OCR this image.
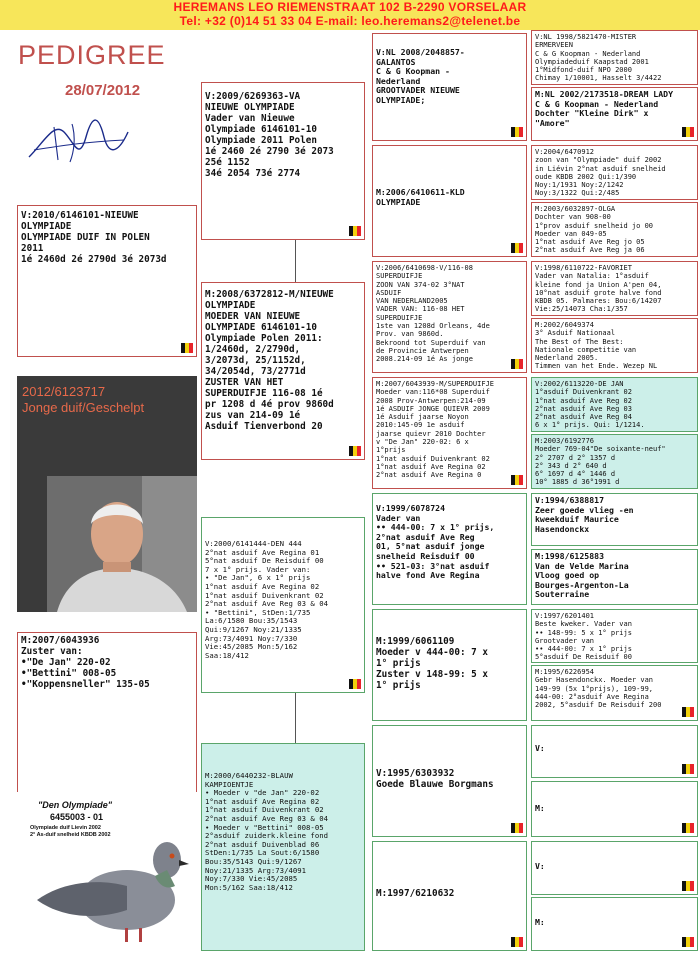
HEREMANS LEO RIEMENSTRAAT 102 B-2290 VORSELAAR
Tel: +32 (0)14 51 33 04 E-mail: leo.heremans2@telenet.be
PEDIGREE
28/07/2012
V:2010/6146101-NIEUWE
OLYMPIADE
OLYMPIADE DUIF IN POLEN
2011
1é 2460d 2é 2790d 3é 2073d
2012/6123717
Jonge duif/Geschelpt
M:2007/6043936
Zuster van:
• "De Jan" 220-02
• "Bettini" 008-05
• "Koppensneller" 135-05
"Den Olympiade"
6455003 - 01
Olympiade duif Lievin 2002
2° As-duif snelheid KBDB 2002
V:2009/6269363-VA
NIEUWE OLYMPIADE
Vader van Nieuwe
Olympiade 6146101-10
Olympiade 2011 Polen
1é 2460 2é 2790 3é 2073
25é 1152
34é 2054 73é 2774
M:2008/6372812-M/NIEUWE
OLYMPIADE
MOEDER VAN NIEUWE
OLYMPIADE 6146101-10
Olympiade Polen 2011:
1/2460d, 2/2790d,
3/2073d, 25/1152d,
34/2054d, 73/2771d
ZUSTER VAN HET
SUPERDUIFJE 116-08 1é
pr 1208 d 4é prov 9860d
zus van 214-09 1é
Asduif Tienverbond 20
V:2000/6141444-DEN 444
2°nat asduif Ave Regina 01
5°nat asduif De Reisduif 00
7 x 1° prijs. Vader van:
• "De Jan", 6 x 1° prijs
1°nat asduif Ave Regina 02
1°nat asduif Duivenkrant 02
2°nat asduif Ave Reg 03 & 04
• "Bettini", StDen:1/735
La:6/1580 Bou:35/1543
Qui:9/1267 Noy:21/1335
Arg:73/4091 Noy:7/330
Vie:45/2085 Mon:5/162
Saa:18/412
M:2000/6440232-BLAUW
KAMPIOENTJE
• Moeder v "de Jan" 220-02
1°nat asduif Ave Regina 02
1°nat asduif Duivenkrant 02
2°nat asduif Ave Reg 03 & 04
• Moeder v "Bettini" 008-05
2°asduif zuiderk.kleine fond
2°nat asduif Duivenblad 06
StDen:1/735 La Sout:6/1580
Bou:35/5143 Qui:9/1267
Noy:21/1335 Arg:73/4091
Noy:7/330 Vie:45/2085
Mon:5/162 Saa:18/412
V:NL 2008/2048857-
GALANTOS
C & G Koopman -
Nederland
GROOTVADER NIEUWE
OLYMPIADE;
M:2006/6410611-KLD
OLYMPIADE
V:2006/6410698-V/116-08
SUPERDUIFJE
ZOON VAN 374-02 3°NAT
ASDUIF
VAN NEDERLAND2005
VADER VAN: 116-08 HET
SUPERDUIFJE
1ste van 1208d Orleans, 4de
Prov. van 9860d.
Bekroond tot Superduif van
de Provincie Antwerpen
2008.214-09 1é As jonge
M:2007/6043939-M/SUPERDUIFJE
Moeder van:116*08 Superduif
2008 Prov-Antwerpen:214-09
1é ASDUIF JONGE QUIEVR 2009
1é Asduif jaarse Noyon
2010:145-09 1e asduif
jaarse quievr 2010 Dochter
v "De Jan" 220-02: 6 x
1°prijs
1°nat asduif Duivenkrant 02
1°nat asduif Ave Regina 02
2°nat asduif Ave Regina 0
V:1999/6078724
Vader van
• • 444-00: 7 x 1° prijs,
2°nat asduif Ave Reg
01, 5°nat asduif jonge
snelheid Reisduif 00
• • 521-03: 3°nat asduif
halve fond Ave Regina
M:1999/6061109
Moeder v 444-00: 7 x
1° prijs
Zuster v 148-99: 5 x
1° prijs
V:1995/6303932
Goede Blauwe Borgmans
M:1997/6210632
V:NL 1998/5821470-MISTER
ERMERVEEN
C & G Koopman - Nederland
Olympiadeduif Kaapstad 2001
1°Midfond-duif NPO 2000
Chimay 1/10001, Hasselt 3/4422
M:NL 2002/2173518-DREAM LADY
C & G Koopman - Nederland
Dochter "Kleine Dirk" x
"Amore"
V:2004/6470912
zoon van "Olympiade" duif 2002
in Liévin 2°nat asduif snelheid
oude KBDB 2002 Qui:1/390
Noy:1/1931 Noy:2/1242
Noy:3/1322 Qui:2/485
M:2003/6032897-OLGA
Dochter van 908-00
1°prov asduif snelheid jo 00
Moeder van 049-05
1°nat asduif Ave Reg jo 05
2°nat asduif Ave Reg ja 06
V:1998/6110722-FAVORIET
Vader van Natalia: 1°asduif
kleine fond ja Union A'pen 04,
10°nat asduif grote halve fond
KBDB 05. Palmares: Bou:6/14207
Vie:25/14073 Cha:1/357
M:2002/6049374
3° Asduif Nationaal
The Best of The Best:
Nationale competitie van
Nederland 2005.
Timmen van het Ende. Wezep NL
V:2002/6113220-DE JAN
1°asduif Duivenkrant 02
1°nat asduif Ave Reg 02
2°nat asduif Ave Reg 03
2°nat asduif Ave Reg 04
6 x 1° prijs. Qui: 1/1214.
M:2003/6192776
Moeder 769-04"De soixante-neuf"
2° 2707 d 2° 1357 d
2° 343 d 2° 640 d
6° 1697 d 4° 1446 d
10° 1885 d 36°1991 d
V:1994/6388817
Zeer goede vlieg -en
kweekduif Maurice
Hasendonckx
M:1998/6125883
Van de Velde Marina
Vloog goed op
Bourges-Argenton-La
Souterraine
V:1997/6201401
Beste kweker. Vader van
• • 148-99: 5 x 1° prijs
Grootvader van
• • 444-00: 7 x 1° prijs
5°asduif De Reisduif 00
M:1995/6226954
Gebr Hasendonckx. Moeder van
149-99 (5x 1°prijs), 109-99,
444-00: 2°asduif Ave Regina
2002, 5°asduif De Reisduif 200
V:
M:
V:
M:
